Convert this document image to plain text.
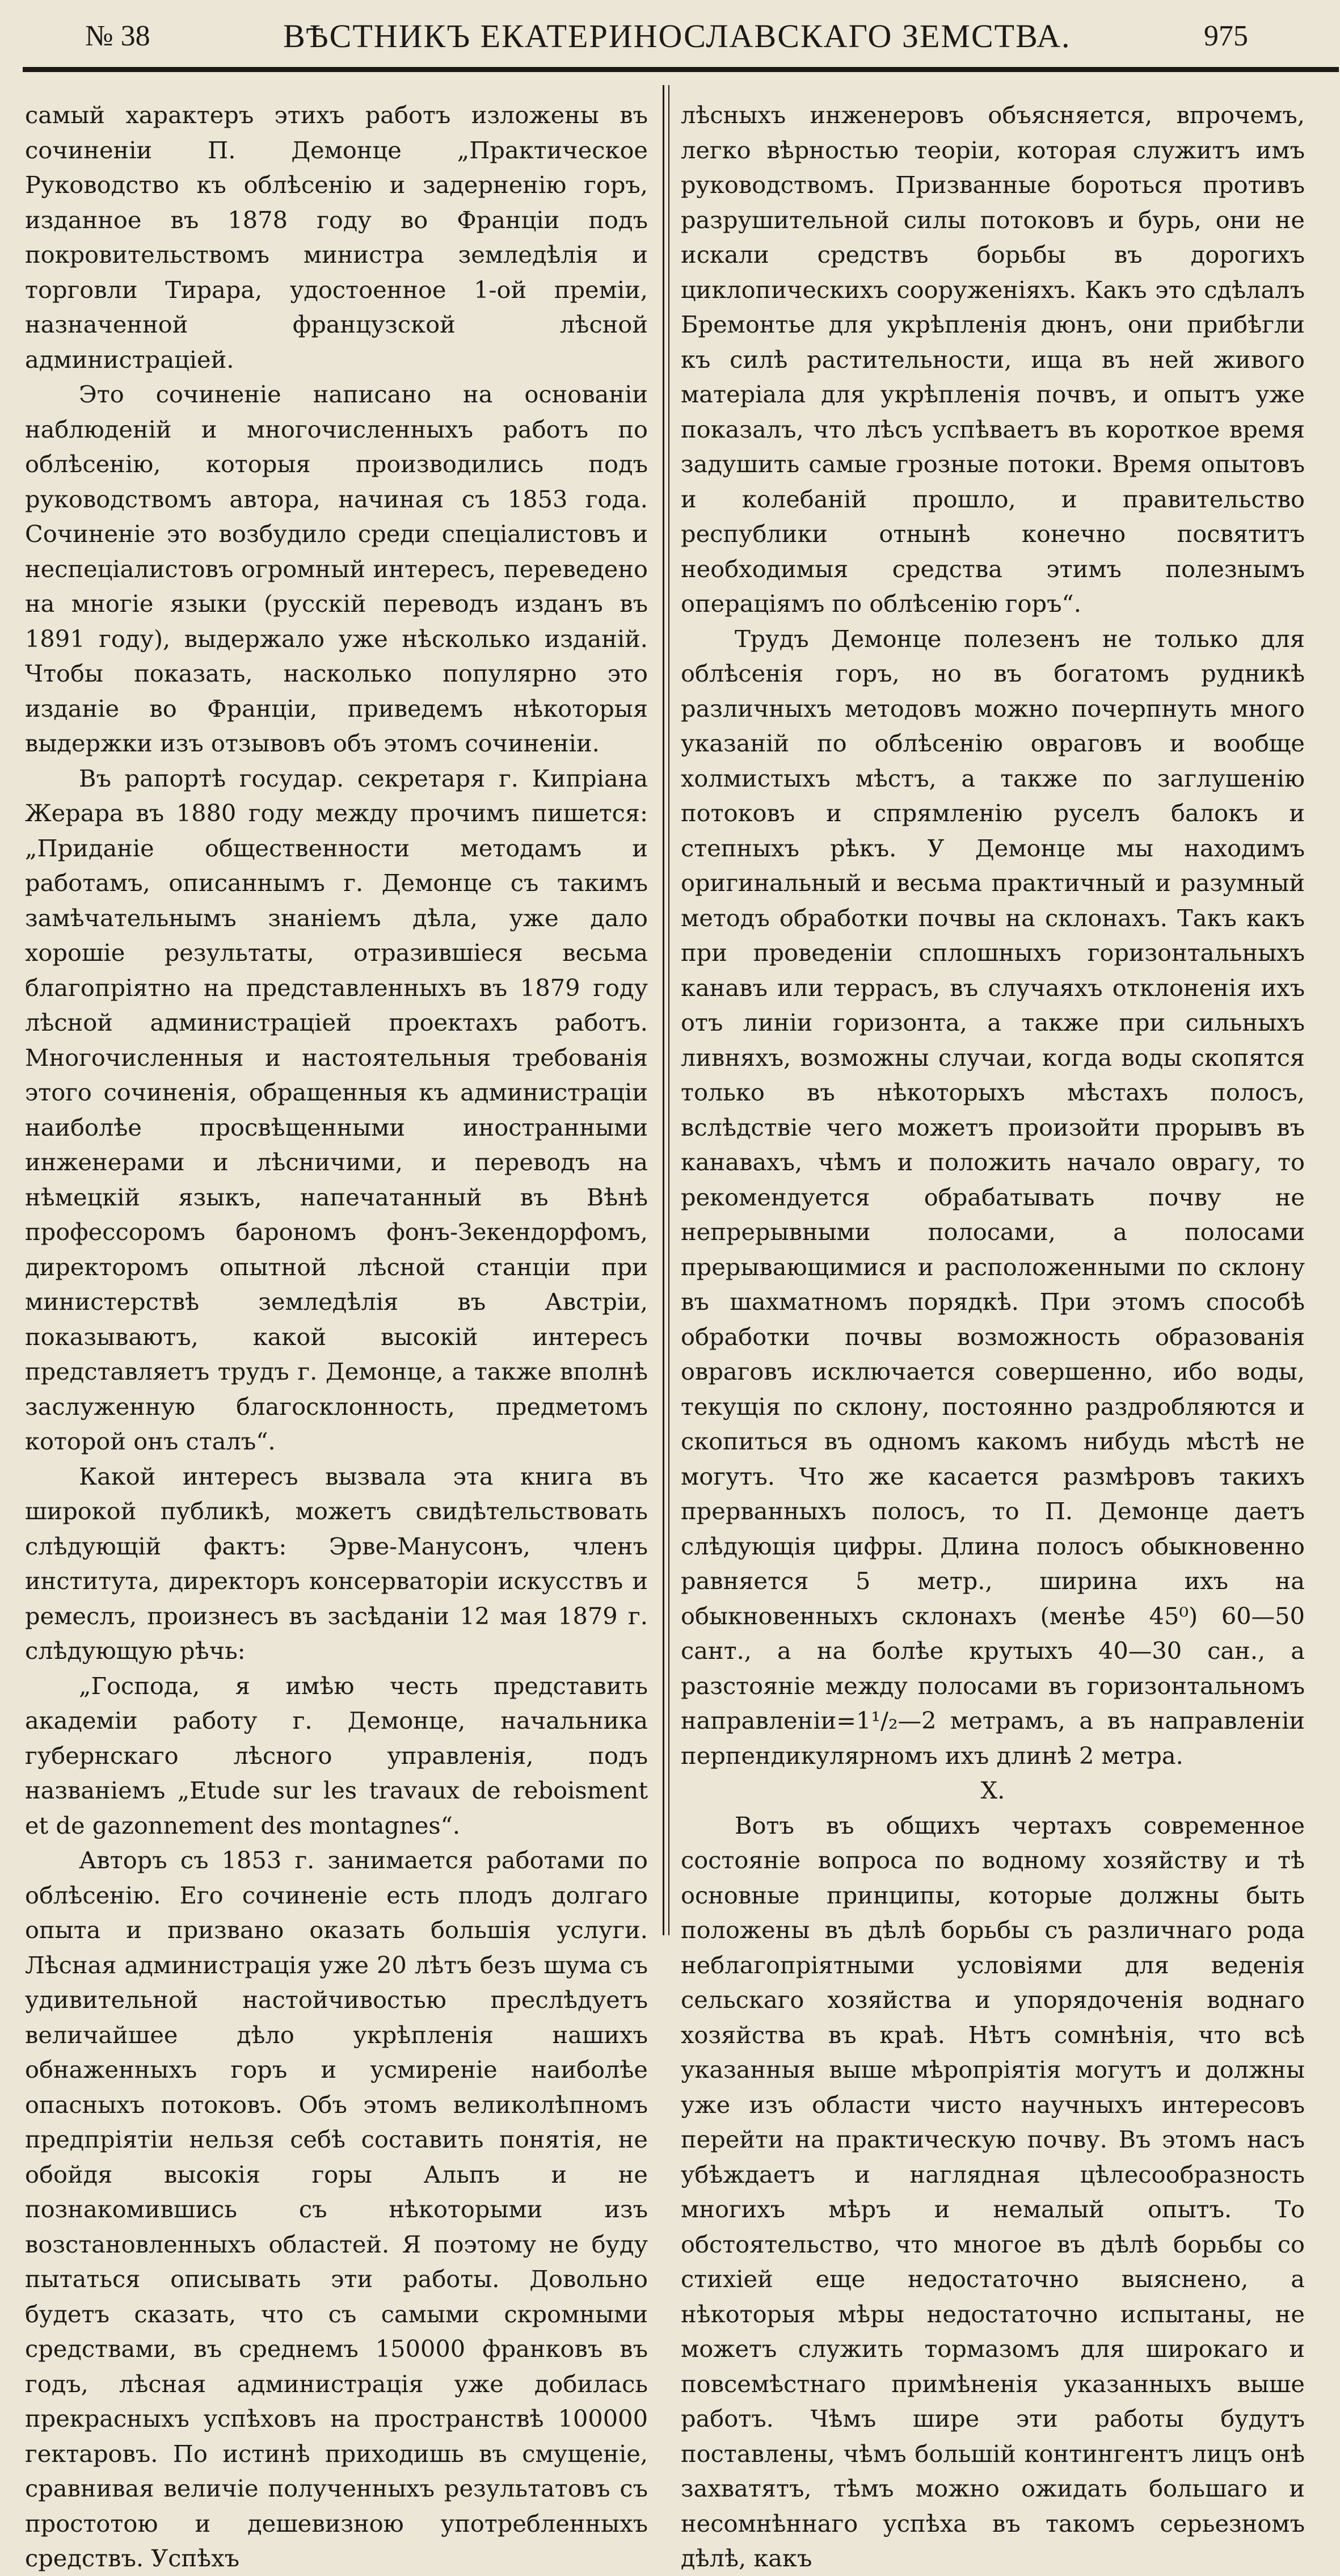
№ 38	ВѢСТНИКЪ ЕКАТЕРИНОСЛАВСКАГО ЗЕМСТВА.	975

самый характеръ этихъ работъ изложены въ сочиненіи П. Демонце „Практическое Руководство къ облѣсенію и задерненію горъ, изданное въ 1878 году во Франціи подъ покровительствомъ министра земледѣлія и торговли Тирара, удостоенное 1-ой преміи, назначенной французской лѣсной администраціей.

Это сочиненіе написано на основаніи наблюденій и многочисленныхъ работъ по облѣсенію, которыя производились подъ руководствомъ автора, начиная съ 1853 года. Сочиненіе это возбудило среди спеціалистовъ и неспеціалистовъ огромный интересъ, переведено на многіе языки (русскій переводъ изданъ въ 1891 году), выдержало уже нѣсколько изданій. Чтобы показать, насколько популярно это изданіе во Франціи, приведемъ нѣкоторыя выдержки изъ отзывовъ объ этомъ сочиненіи.

Въ рапортѣ государ. секретаря г. Кипріана Жерара въ 1880 году между прочимъ пишется: „Приданіе общественности методамъ и работамъ, описаннымъ г. Демонце съ такимъ замѣчательнымъ знаніемъ дѣла, уже дало хорошіе результаты, отразившіеся весьма благопріятно на представленныхъ въ 1879 году лѣсной администраціей проектахъ работъ. Многочисленныя и настоятельныя требованія этого сочиненія, обращенныя къ администраціи наиболѣе просвѣщенными иностранными инженерами и лѣсничими, и переводъ на нѣмецкій языкъ, напечатанный въ Вѣнѣ профессоромъ барономъ фонъ-Зекендорфомъ, директоромъ опытной лѣсной станціи при министерствѣ земледѣлія въ Австріи, показываютъ, какой высокій интересъ представляетъ трудъ г. Демонце, а также вполнѣ заслуженную благосклонность, предметомъ которой онъ сталъ“.

Какой интересъ вызвала эта книга въ широкой публикѣ, можетъ свидѣтельствовать слѣдующій фактъ: Эрве-Манусонъ, членъ института, директоръ консерваторіи искусствъ и ремеслъ, произнесъ въ засѣданіи 12 мая 1879 г. слѣдующую рѣчь:

„Господа, я имѣю честь представить академіи работу г. Демонце, начальника губернскаго лѣсного управленія, подъ названіемъ „Etude sur les travaux de reboisment et de gazonnement des montagnes“.

Авторъ съ 1853 г. занимается работами по облѣсенію. Его сочиненіе есть плодъ долгаго опыта и призвано оказать большія услуги. Лѣсная администрація уже 20 лѣтъ безъ шума съ удивительной настойчивостью преслѣдуетъ величайшее дѣло укрѣпленія нашихъ обнаженныхъ горъ и усмиреніе наиболѣе опасныхъ потоковъ. Объ этомъ великолѣпномъ предпріятіи нельзя себѣ составить понятія, не обойдя высокія горы Альпъ и не познакомившись съ нѣкоторыми изъ возстановленныхъ областей. Я поэтому не буду пытаться описывать эти работы. Довольно будетъ сказать, что съ самыми скромными средствами, въ среднемъ 150000 франковъ въ годъ, лѣсная администрація уже добилась прекрасныхъ успѣховъ на пространствѣ 100000 гектаровъ. По истинѣ приходишь въ смущеніе, сравнивая величіе полученныхъ результатовъ съ простотою и дешевизною употребленныхъ средствъ. Успѣхъ

лѣсныхъ инженеровъ объясняется, впрочемъ, легко вѣрностью теоріи, которая служитъ имъ руководствомъ. Призванные бороться противъ разрушительной силы потоковъ и бурь, они не искали средствъ борьбы въ дорогихъ циклопическихъ сооруженіяхъ. Какъ это сдѣлалъ Бремонтье для укрѣпленія дюнъ, они прибѣгли къ силѣ растительности, ища въ ней живого матеріала для укрѣпленія почвъ, и опытъ уже показалъ, что лѣсъ успѣваетъ въ короткое время задушить самые грозные потоки. Время опытовъ и колебаній прошло, и правительство республики отнынѣ конечно посвятитъ необходимыя средства этимъ полезнымъ операціямъ по облѣсенію горъ“.

Трудъ Демонце полезенъ не только для облѣсенія горъ, но въ богатомъ рудникѣ различныхъ методовъ можно почерпнуть много указаній по облѣсенію овраговъ и вообще холмистыхъ мѣстъ, а также по заглушенію потоковъ и спрямленію руселъ балокъ и степныхъ рѣкъ. У Демонце мы находимъ оригинальный и весьма практичный и разумный методъ обработки почвы на склонахъ. Такъ какъ при проведеніи сплошныхъ горизонтальныхъ канавъ или террасъ, въ случаяхъ отклоненія ихъ отъ линіи горизонта, а также при сильныхъ ливняхъ, возможны случаи, когда воды скопятся только въ нѣкоторыхъ мѣстахъ полосъ, вслѣдствіе чего можетъ произойти прорывъ въ канавахъ, чѣмъ и положить начало оврагу, то рекомендуется обрабатывать почву не непрерывными полосами, а полосами прерывающимися и расположенными по склону въ шахматномъ порядкѣ. При этомъ способѣ обработки почвы возможность образованія овраговъ исключается совершенно, ибо воды, текущія по склону, постоянно раздробляются и скопиться въ одномъ какомъ нибудь мѣстѣ не могутъ. Что же касается размѣровъ такихъ прерванныхъ полосъ, то П. Демонце даетъ слѣдующія цифры. Длина полосъ обыкновенно равняется 5 метр., ширина ихъ на обыкновенныхъ склонахъ (менѣе 45⁰) 60—50 сант., а на болѣе крутыхъ 40—30 сан., а разстояніе между полосами въ горизонтальномъ направленіи=1¹/₂—2 метрамъ, а въ направленіи перпендикулярномъ ихъ длинѣ 2 метра.

X.

Вотъ въ общихъ чертахъ современное состояніе вопроса по водному хозяйству и тѣ основные принципы, которые должны быть положены въ дѣлѣ борьбы съ различнаго рода неблагопріятными условіями для веденія сельскаго хозяйства и упорядоченія воднаго хозяйства въ краѣ. Нѣтъ сомнѣнія, что всѣ указанныя выше мѣропріятія могутъ и должны уже изъ области чисто научныхъ интересовъ перейти на практическую почву. Въ этомъ насъ убѣждаетъ и наглядная цѣлесообразность многихъ мѣръ и немалый опытъ. То обстоятельство, что многое въ дѣлѣ борьбы со стихіей еще недостаточно выяснено, а нѣкоторыя мѣры недостаточно испытаны, не можетъ служить тормазомъ для широкаго и повсемѣстнаго примѣненія указанныхъ выше работъ. Чѣмъ шире эти работы будутъ поставлены, чѣмъ большій контингентъ лицъ онѣ захватятъ, тѣмъ можно ожидать большаго и несомнѣннаго успѣха въ такомъ серьезномъ дѣлѣ, какъ
